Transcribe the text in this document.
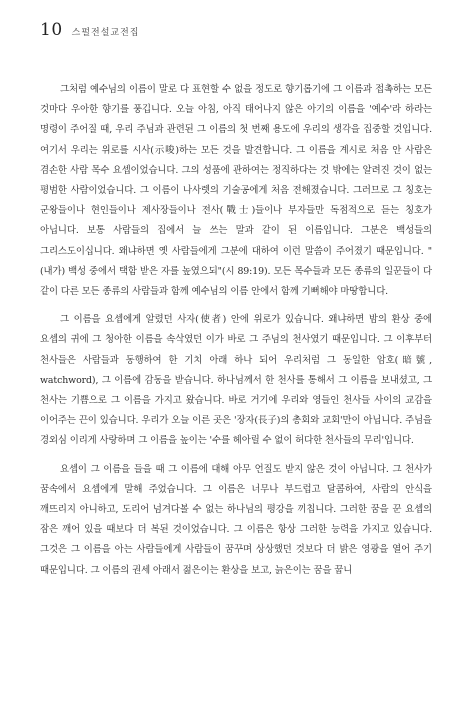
10 스펄전설교전집

그처럼 예수님의 이름이 말로 다 표현할 수 없을 정도로 향기롭기에 그 이름과 접촉하는 모든 것마다 우아한 향기를 풍깁니다. 오늘 아침, 아직 태어나지 않은 아기의 이름을 '예수'라 하라는 명령이 주어질 때, 우리 주님과 관련된 그 이름의 첫 번째 용도에 우리의 생각을 집중할 것입니다. 여기서 우리는 위로를 시사(示唆)하는 모든 것을 발견합니다. 그 이름을 계시로 처음 안 사람은 겸손한 사람 목수 요셉이었습니다. 그의 성품에 관하여는 정직하다는 것 밖에는 알려진 것이 없는 평범한 사람이었습니다. 그 이름이 나사렛의 기술공에게 처음 전해졌습니다. 그러므로 그 칭호는 군왕들이나 현인들이나 제사장들이나 전사(戰士)들이나 부자들만 독점적으로 듣는 칭호가 아닙니다. 보통 사람들의 집에서 늘 쓰는 말과 같이 된 이름입니다. 그분은 백성들의 그리스도이십니다. 왜냐하면 옛 사람들에게 그분에 대하여 이런 말씀이 주어졌기 때문입니다. "(내가) 백성 중에서 택함 받은 자를 높였으되"(시 89:19). 모든 목수들과 모든 종류의 일꾼들이 다 같이 다른 모든 종류의 사람들과 함께 예수님의 이름 안에서 함께 기뻐해야 마땅합니다.

그 이름을 요셉에게 알렸던 사자(使者) 안에 위로가 있습니다. 왜냐하면 밤의 환상 중에 요셉의 귀에 그 청아한 이름을 속삭였던 이가 바로 그 주님의 천사였기 때문입니다. 그 이후부터 천사들은 사람들과 동행하여 한 기치 아래 하나 되어 우리처럼 그 동일한 암호(暗號, watchword), 그 이름에 감동을 받습니다. 하나님께서 한 천사를 통해서 그 이름을 보내셨고, 그 천사는 기쁨으로 그 이름을 가지고 왔습니다. 바로 거기에 우리와 영들인 천사들 사이의 교감을 이어주는 끈이 있습니다. 우리가 오늘 이른 곳은 '장자(長子)의 총회와 교회'만이 아닙니다. 주님을 경외심 이리게 사랑하며 그 이름을 높이는 '수를 헤아릴 수 없이 허다한 천사들의 무리'입니다.

요셉이 그 이름을 들을 때 그 이름에 대해 아무 언질도 받지 않은 것이 아닙니다. 그 천사가 꿈속에서 요셉에게 말해 주었습니다. 그 이름은 너무나 부드럽고 달콤하여, 사람의 안식을 깨뜨리지 아니하고, 도리어 넘겨다볼 수 없는 하나님의 평강을 끼칩니다. 그러한 꿈을 꾼 요셉의 잠은 깨어 있을 때보다 더 복된 것이었습니다. 그 이름은 항상 그러한 능력을 가지고 있습니다. 그것은 그 이름을 아는 사람들에게 사람들이 꿈꾸며 상상했던 것보다 더 밝은 영광을 열어 주기 때문입니다. 그 이름의 권세 아래서 젊은이는 환상을 보고, 늙은이는 꿈을 꿉니
